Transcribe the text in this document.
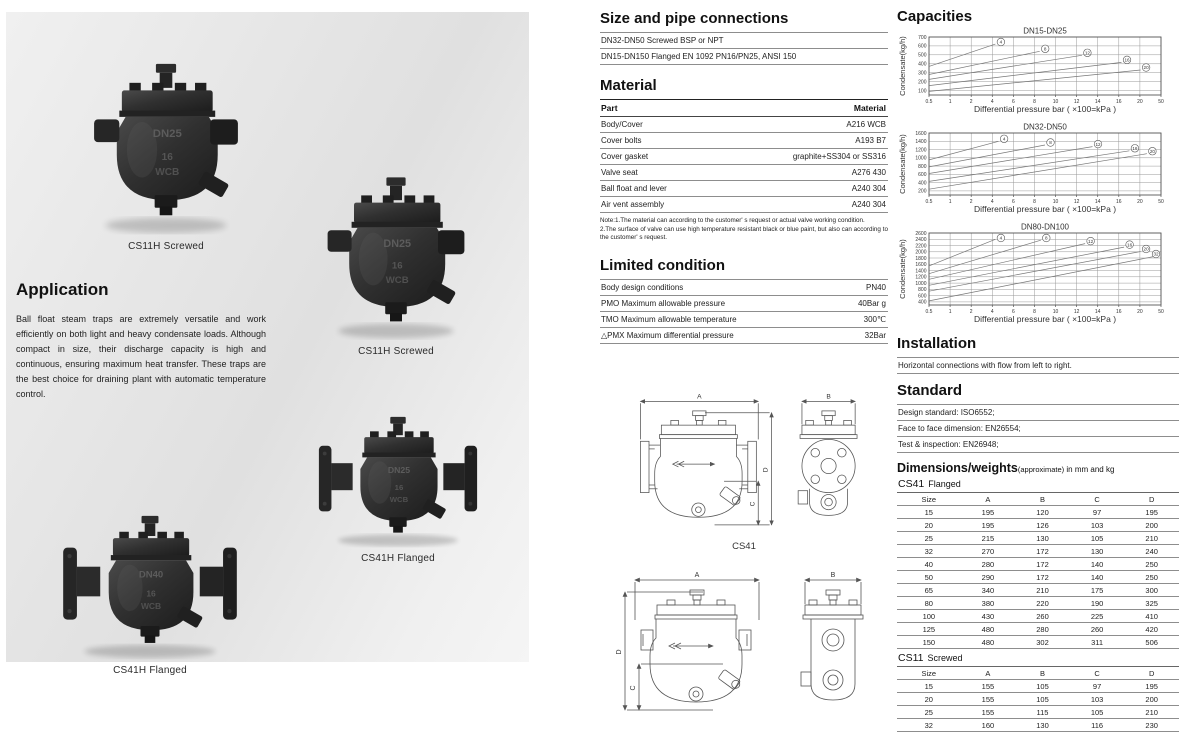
DN25
16
WCB
CS11H Screwed	DN25
16
WCB
CS11H Screwed
DN25
16
WCB
CS41H Flanged
DN40
16
WCB
CS41H Flanged
Application

Ball float steam traps are extremely versatile and work efficiently on both light and heavy condensate loads. Although compact in size, their discharge capacity is high and continuous, ensuring maximum heat transfer. These traps are the best choice for draining plant with automatic temperature control.

Size and pipe connections
DN32-DN50 Screwed BSP or NPT
DN15-DN150 Flanged EN 1092 PN16/PN25, ANSI 150
Material
Part	Material
Body/Cover	A216 WCB
Cover bolts	A193 B7
Cover gasket	graphite+SS304 or SS316
Valve seat	A276 430
Ball float and lever	A240 304
Air vent assembly	A240 304

Note:1.The material can according to the customer' s request or actual valve working condition.

2.The surface of valve can use high temperature resistant black or blue paint, but also can according to the customer' s request.

Limited condition
Body design conditions	PN40
PMO Maximum allowable pressure	40Bar g
TMO Maximum allowable temperature	300℃
△PMX Maximum differential pressure	32Bar
A
D
C
B
CS41
A
D
C
B
Capacities
100
200
300
400
500
600
700
0.5	1	2	4	6	8	10	12	14	16	20	50
4
8
12
16
20
DN15-DN25
Condensate(kg/h)
Differential pressure bar ( ×100=kPa )
200
400
600
800
1000
1200
1400
1600
0.5	1	2	4	6	8	10	12	14	16	20	50
4
8	12
16
20
DN32-DN50
Condensate(kg/h)
Differential pressure bar ( ×100=kPa )
400
600
800
1000
1200
1400
1600
1800
2000
2200
2400
2600
0.5	1	2	4	6	8	10	12	14	16	20	50
4	8
12
16
20
32
DN80-DN100
Condensate(kg/h)
Differential pressure bar ( ×100=kPa )
Installation
Horizontal connections with flow from left to right.
Standard
Design standard: ISO6552;
Face to face dimension: EN26554;
Test & inspection: EN26948;
Dimensions/weights(approximate) in mm and kg
CS41 Flanged
Size	A	B	C	D
15	195	120	97	195
20	195	126	103	200
25	215	130	105	210
32	270	172	130	240
40	280	172	140	250
50	290	172	140	250
65	340	210	175	300
80	380	220	190	325
100	430	260	225	410
125	480	280	260	420
150	480	302	311	506
CS11 Screwed
Size	A	B	C	D
15	155	105	97	195
20	155	105	103	200
25	155	115	105	210
32	160	130	116	230
